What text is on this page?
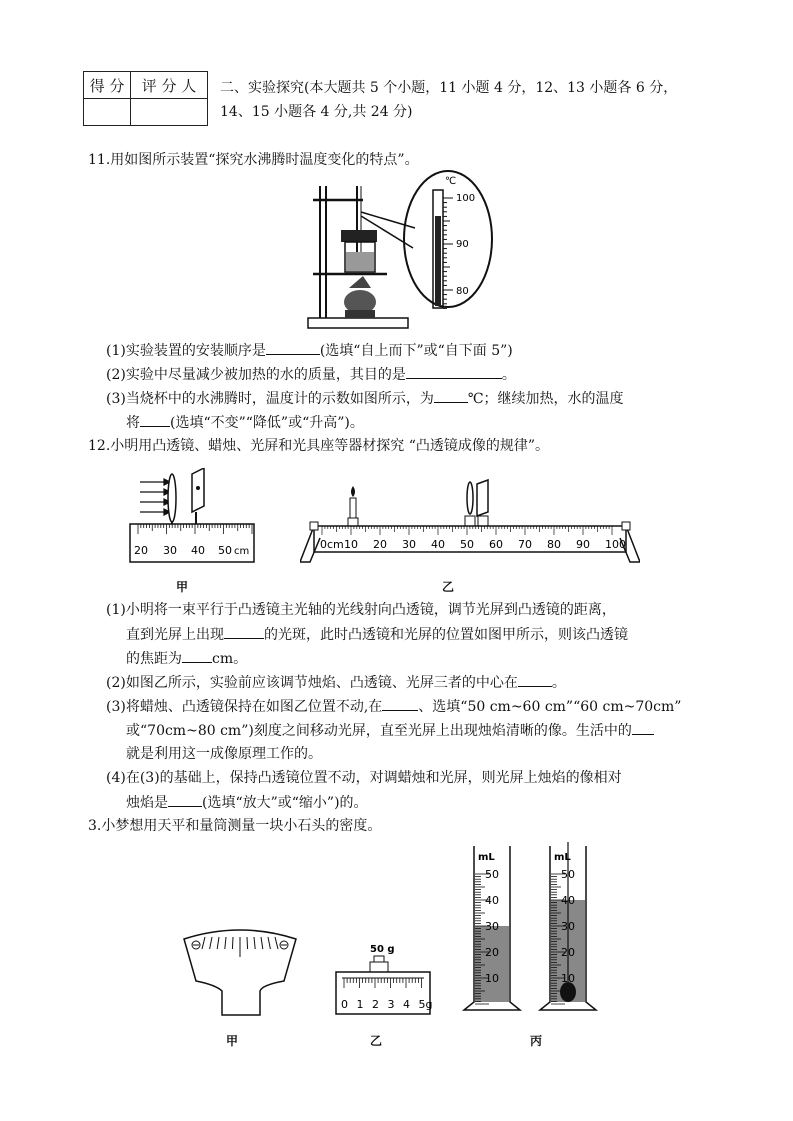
得 分	评 分 人
	二、实验探究(本大题共 5 个小题，11 小题 4 分，12、13 小题各 6 分，
14、15 小题各 4 分,共 24 分)
11.用如图所示装置“探究水沸腾时温度变化的特点”。
℃
100
90
80
(1)实验装置的安装顺序是	(选填“自上而下”或“自下面 5”)
(2)实验中尽量减少被加热的水的质量，其目的是	。
(3)当烧杯中的水沸腾时，温度计的示数如图所示，为 ℃；继续加热，水的温度
将 (选填“不变”“降低”或“升高”)。
12.小明用凸透镜、蜡烛、光屏和光具座等器材探究 “凸透镜成像的规律”。
20 30 40 50 cm
甲
0cm 10 20 30 40 50 60 70 80 90 100
乙
(1)小明将一束平行于凸透镜主光轴的光线射向凸透镜，调节光屏到凸透镜的距离，
直到光屏上出现	的光斑，此时凸透镜和光屏的位置如图甲所示，则该凸透镜
的焦距为 cm。
(2)如图乙所示，实验前应该调节烛焰、凸透镜、光屏三者的中心在 。
(3)将蜡烛、凸透镜保持在如图乙位置不动,在	、选填“50 cm~60 cm”“60 cm~70cm”
或“70cm~80 cm”)刻度之间移动光屏，直至光屏上出现烛焰清晰的像。生活中的
就是利用这一成像原理工作的。
(4)在(3)的基础上，保持凸透镜位置不动，对调蜡烛和光屏，则光屏上烛焰的像相对
烛焰是 (选填“放大”或“缩小”)的。
3.小梦想用天平和量筒测量一块小石头的密度。
甲
50 g
0 1 2 3 4 5g
乙
mL
50
40
30
20
10
mL
50
40
30
20
10
丙
